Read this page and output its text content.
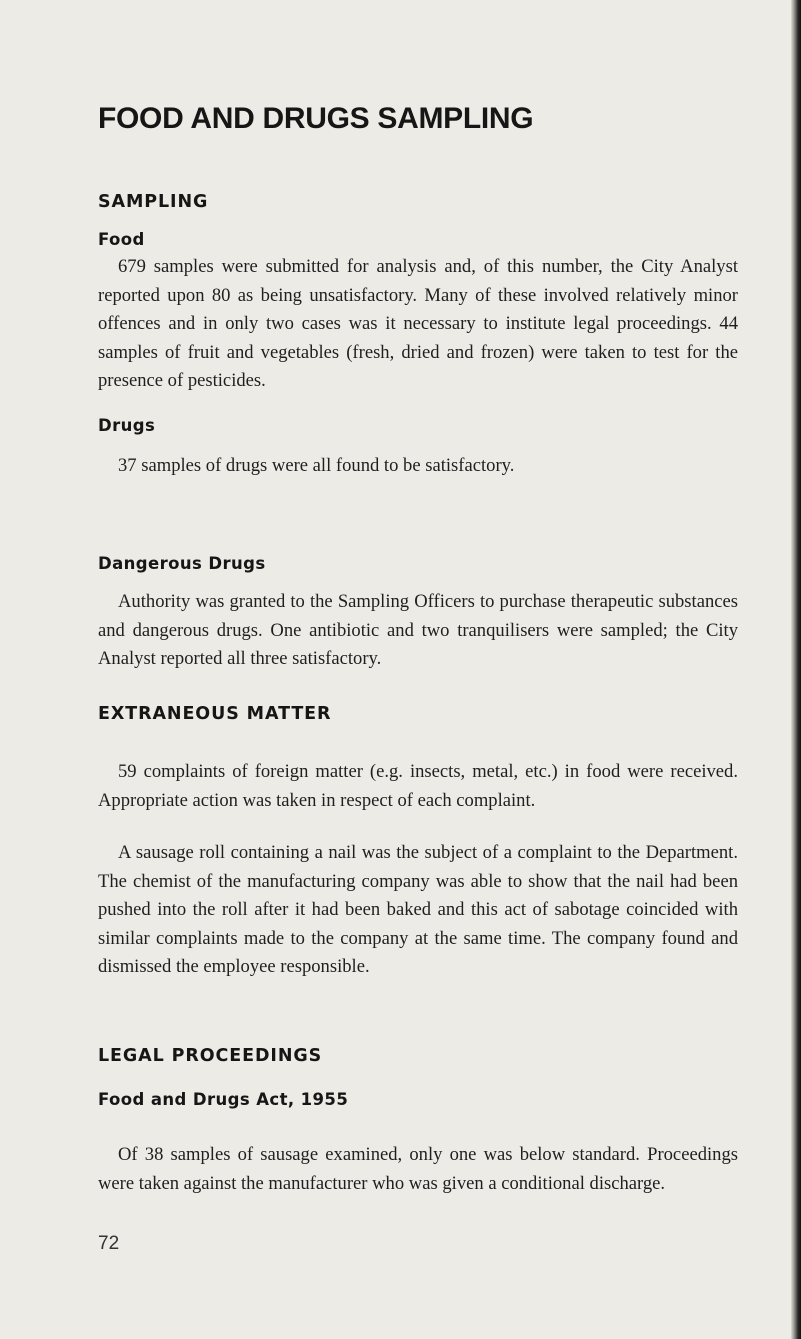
FOOD AND DRUGS SAMPLING
SAMPLING
Food

679 samples were submitted for analysis and, of this number, the City Analyst reported upon 80 as being unsatisfactory. Many of these involved relatively minor offences and in only two cases was it necessary to institute legal proceedings. 44 samples of fruit and vegetables (fresh, dried and frozen) were taken to test for the presence of pesticides.

Drugs

37 samples of drugs were all found to be satisfactory.

Dangerous Drugs

Authority was granted to the Sampling Officers to purchase therapeutic substances and dangerous drugs. One antibiotic and two tranquilisers were sampled; the City Analyst reported all three satisfactory.

EXTRANEOUS MATTER

59 complaints of foreign matter (e.g. insects, metal, etc.) in food were received. Appropriate action was taken in respect of each complaint.

A sausage roll containing a nail was the subject of a complaint to the Department. The chemist of the manufacturing company was able to show that the nail had been pushed into the roll after it had been baked and this act of sabotage coincided with similar complaints made to the company at the same time. The company found and dismissed the employee responsible.

LEGAL PROCEEDINGS
Food and Drugs Act, 1955

Of 38 samples of sausage examined, only one was below standard. Proceedings were taken against the manufacturer who was given a conditional discharge.

72
